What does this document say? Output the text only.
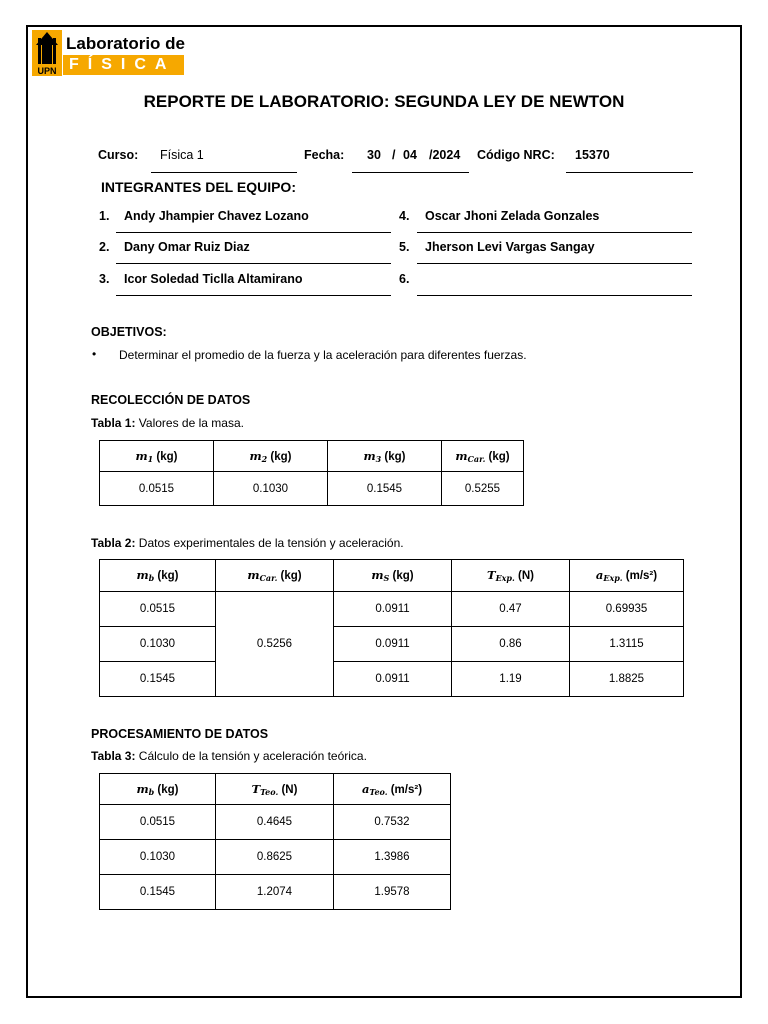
UPN
Laboratorio de
FÍSICA
REPORTE DE LABORATORIO: SEGUNDA LEY DE NEWTON
Curso: Física 1	Fecha: 30 / 04 /2024 Código NRC: 15370
INTEGRANTES DEL EQUIPO:
1. Andy Jhampier Chavez Lozano
2. Dany Omar Ruiz Diaz
3. Icor Soledad Ticlla Altamirano
4. Oscar Jhoni Zelada Gonzales
5. Jherson Levi Vargas Sangay
6.
OBJETIVOS:
• Determinar el promedio de la fuerza y la aceleración para diferentes fuerzas.
RECOLECCIÓN DE DATOS
Tabla 1: Valores de la masa.
$m_1$ (kg)	$m_2$ (kg)	$m_3$ (kg)	$m_{Car.}$ (kg)
0.0515	0.1030	0.1545	0.5255
Tabla 2: Datos experimentales de la tensión y aceleración.
$m_b$ (kg)	$m_{Car.}$ (kg)	$m_S$ (kg)	$T_{Exp.}$ (N)	$a_{Exp.}$ (m/s²)
0.0515	0.5256	0.0911	0.47	0.69935
0.1030		0.0911	0.86	1.3115
0.1545		0.0911	1.19	1.8825
PROCESAMIENTO DE DATOS
Tabla 3: Cálculo de la tensión y aceleración teórica.
$m_b$ (kg)	$T_{Teo.}$ (N)	$a_{Teo.}$ (m/s²)
0.0515	0.4645	0.7532
0.1030	0.8625	1.3986
0.1545	1.2074	1.9578
